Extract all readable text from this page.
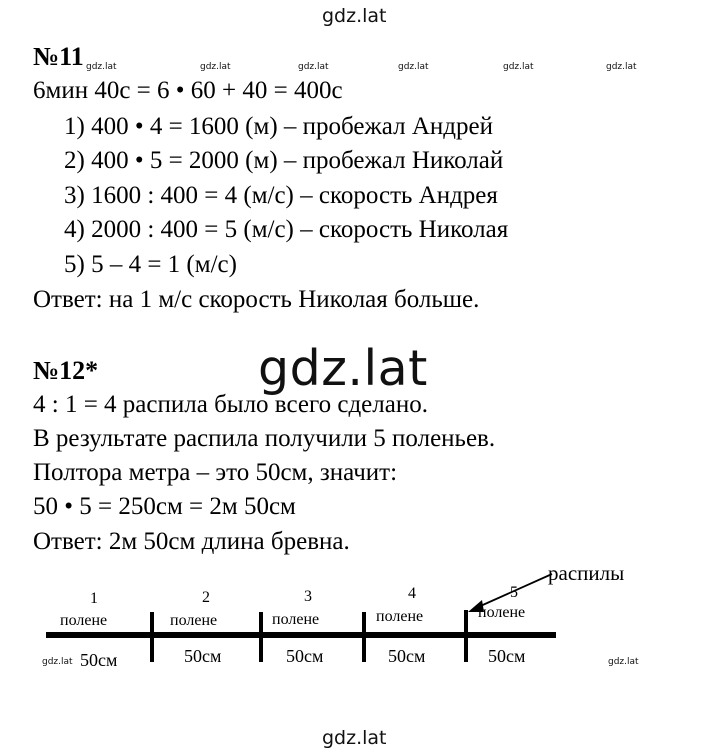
gdz.lat
gdz.lat
gdz.lat
gdz.lat	gdz.lat	gdz.lat	gdz.lat	gdz.lat	gdz.lat
gdz.lat	gdz.lat
№11
6мин 40с = 6 • 60 + 40 = 400с
1) 400 • 4 = 1600 (м) – пробежал Андрей
2) 400 • 5 = 2000 (м) – пробежал Николай
3) 1600 : 400 = 4 (м/с) – скорость Андрея
4) 2000 : 400 = 5 (м/с) – скорость Николая
5) 5 – 4 = 1 (м/с)
Ответ: на 1 м/с скорость Николая больше.
№12*
4 : 1 = 4 распила было всего сделано.
В результате распила получили 5 поленьев.
Полтора метра – это 50см, значит:
50 • 5 = 250см = 2м 50см
Ответ: 2м 50см длина бревна.
распилы
1	2	3	4	5
полене	полене	полене	полене	полене
50см	50см	50см	50см	50см
